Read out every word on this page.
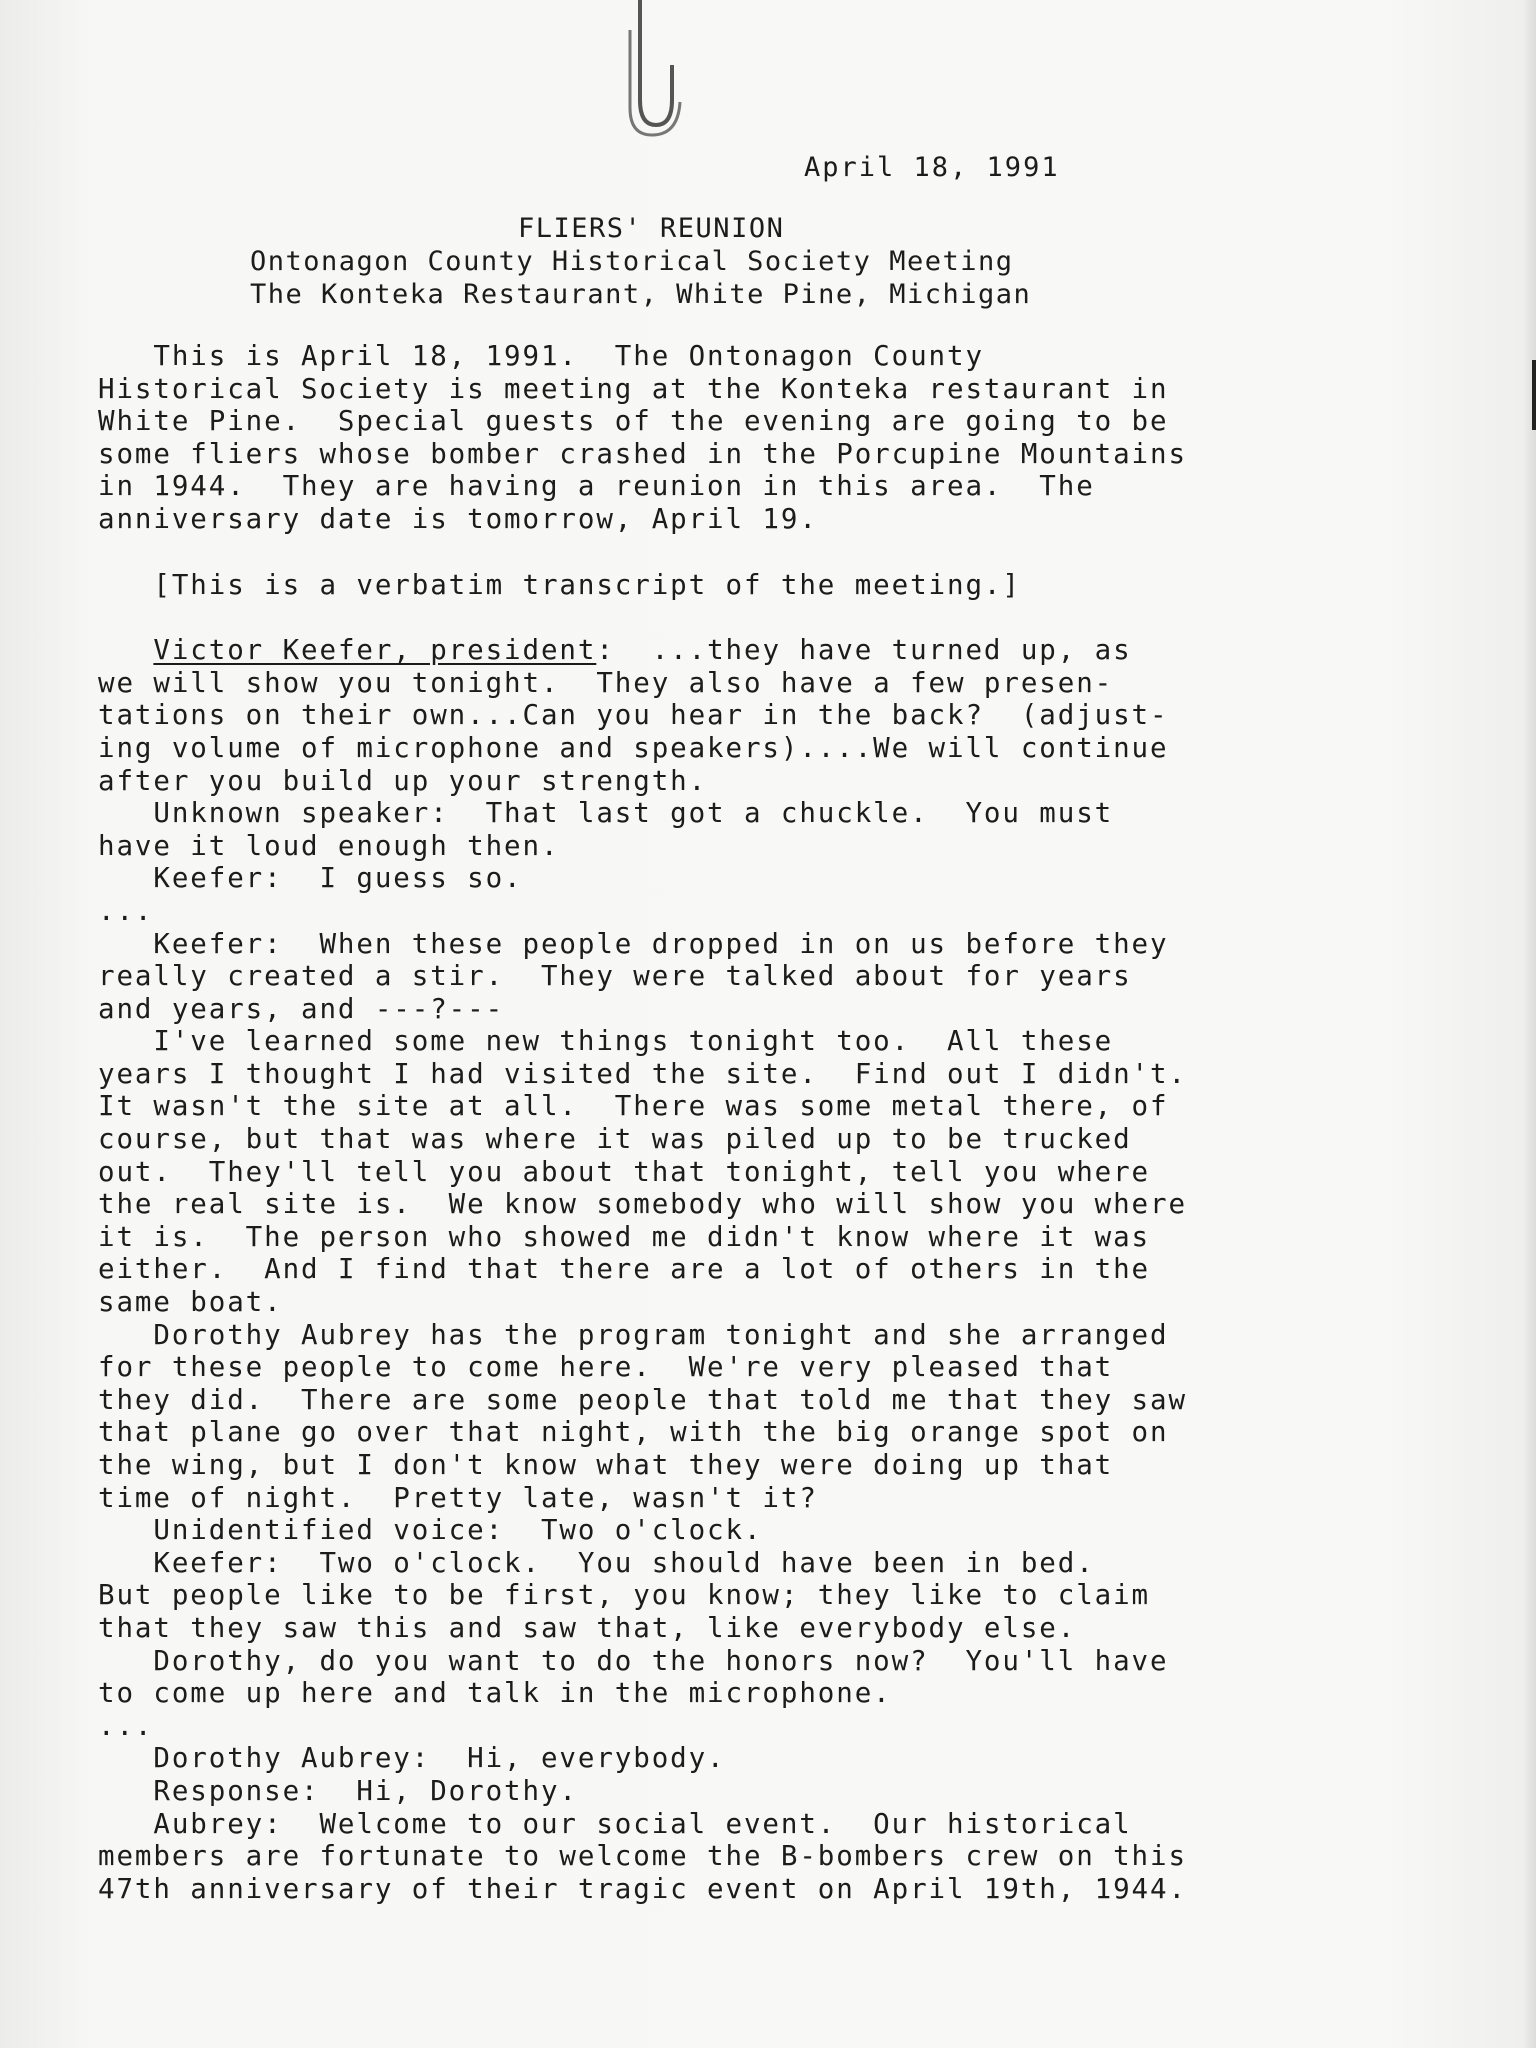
April 18, 1991
FLIERS' REUNION
Ontonagon County Historical Society Meeting
The Konteka Restaurant, White Pine, Michigan
This is April 18, 1991.  The Ontonagon County
Historical Society is meeting at the Konteka restaurant in
White Pine.  Special guests of the evening are going to be
some fliers whose bomber crashed in the Porcupine Mountains
in 1944.  They are having a reunion in this area.  The
anniversary date is tomorrow, April 19.
[This is a verbatim transcript of the meeting.]
Victor Keefer, president:  ...they have turned up, as
we will show you tonight.  They also have a few presen-
tations on their own...Can you hear in the back?  (adjust-
ing volume of microphone and speakers)....We will continue
after you build up your strength.
Unknown speaker:  That last got a chuckle.  You must
have it loud enough then.
Keefer:  I guess so.
...
Keefer:  When these people dropped in on us before they
really created a stir.  They were talked about for years
and years, and ---?---
I've learned some new things tonight too.  All these
years I thought I had visited the site.  Find out I didn't.
It wasn't the site at all.  There was some metal there, of
course, but that was where it was piled up to be trucked
out.  They'll tell you about that tonight, tell you where
the real site is.  We know somebody who will show you where
it is.  The person who showed me didn't know where it was
either.  And I find that there are a lot of others in the
same boat.
Dorothy Aubrey has the program tonight and she arranged
for these people to come here.  We're very pleased that
they did.  There are some people that told me that they saw
that plane go over that night, with the big orange spot on
the wing, but I don't know what they were doing up that
time of night.  Pretty late, wasn't it?
Unidentified voice:  Two o'clock.
Keefer:  Two o'clock.  You should have been in bed.
But people like to be first, you know; they like to claim
that they saw this and saw that, like everybody else.
Dorothy, do you want to do the honors now?  You'll have
to come up here and talk in the microphone.
...
Dorothy Aubrey:  Hi, everybody.
Response:  Hi, Dorothy.
Aubrey:  Welcome to our social event.  Our historical
members are fortunate to welcome the B-bombers crew on this
47th anniversary of their tragic event on April 19th, 1944.
